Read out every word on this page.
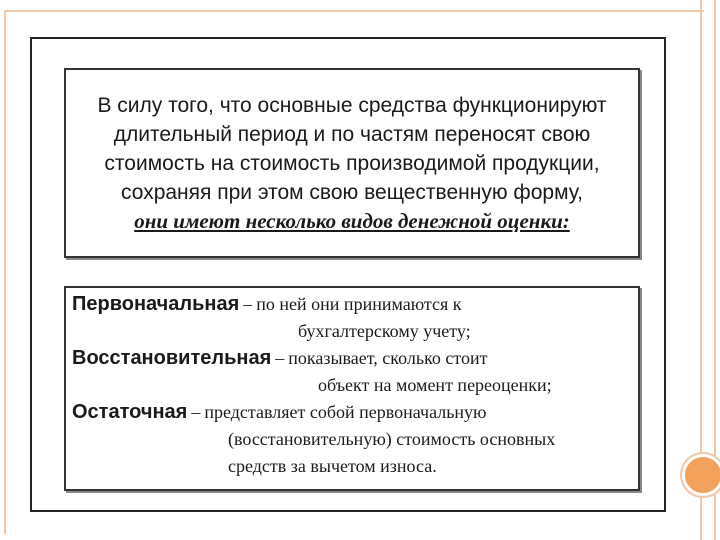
В силу того, что основные средства функционируют
длительный период и по частям переносят свою
стоимость на стоимость производимой продукции,
сохраняя при этом свою вещественную форму,
они имеют несколько видов денежной оценки:
Первоначальная – по ней они принимаются к
бухгалтерскому учету;
Восстановительная – показывает, сколько стоит
объект на момент переоценки;
Остаточная – представляет собой первоначальную
(восстановительную) стоимость основных
средств за вычетом износа.
